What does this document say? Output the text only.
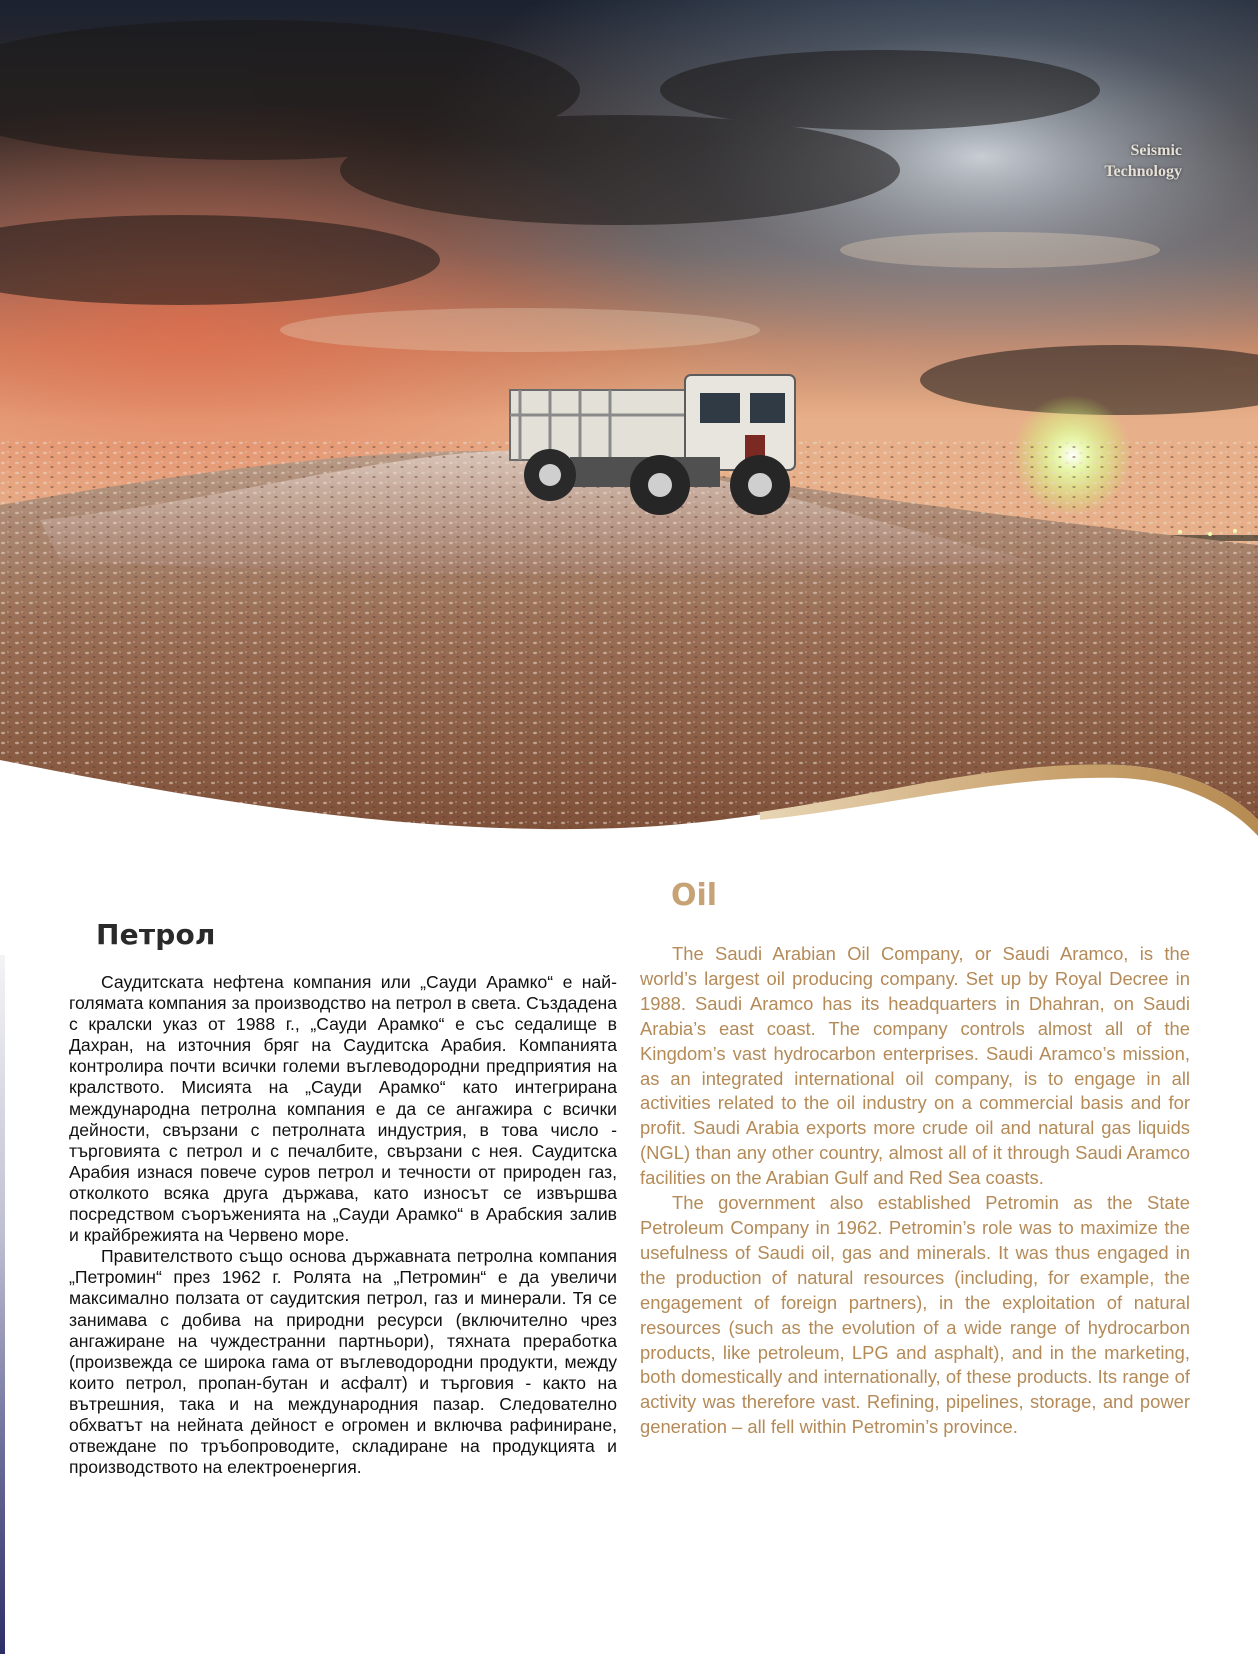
Seismic
Technology
Петрол

Саудитската нефтена компания или „Сауди Арамко“ е най-голямата компания за производство на петрол в света. Създадена с кралски указ от 1988 г., „Сауди Арамко“ е със седалище в Дахран, на източния бряг на Саудитска Арабия. Компанията контролира почти всички големи въглеводородни предприятия на кралството. Мисията на „Сауди Арамко“ като интегрирана международна петролна компания е да се ангажира с всички дейности, свързани с петролната индустрия, в това число - търговията с петрол и с печалбите, свързани с нея. Саудитска Арабия изнася повече суров петрол и течности от природен газ, отколкото всяка друга държава, като износът се извършва посредством съоръженията на „Сауди Арамко“ в Арабския залив и крайбрежията на Червено море.

Правителството също основа държавната петролна компания „Петромин“ през 1962 г. Ролята на „Петромин“ е да увеличи максимално ползата от саудитския петрол, газ и минерали. Тя се занимава с добива на природни ресурси (включително чрез ангажиране на чуждестранни партньори), тяхната преработка (произвежда се широка гама от въглеводородни продукти, между които петрол, пропан-бутан и асфалт) и търговия - както на вътрешния, така и на международния пазар. Следователно обхватът на нейната дейност е огромен и включва рафиниране, отвеждане по тръбопроводите, складиране на продукцията и производството на електроенергия.

Oil

The Saudi Arabian Oil Company, or Saudi Aramco, is the world’s largest oil producing company. Set up by Royal Decree in 1988. Saudi Aramco has its headquarters in Dhahran, on Saudi Arabia’s east coast. The company controls almost all of the Kingdom’s vast hydrocarbon enterprises. Saudi Aramco’s mission, as an integrated international oil company, is to engage in all activities related to the oil industry on a commercial basis and for profit. Saudi Arabia exports more crude oil and natural gas liquids (NGL) than any other country, almost all of it through Saudi Aramco facilities on the Arabian Gulf and Red Sea coasts.

The government also established Petromin as the State Petroleum Company in 1962. Petromin’s role was to maximize the usefulness of Saudi oil, gas and minerals. It was thus engaged in the production of natural resources (including, for example, the engagement of foreign partners), in the exploitation of natural resources (such as the evolution of a wide range of hydrocarbon products, like petroleum, LPG and asphalt), and in the marketing, both domestically and internationally, of these products. Its range of activity was therefore vast. Refining, pipelines, storage, and power generation – all fell within Petromin’s province.
